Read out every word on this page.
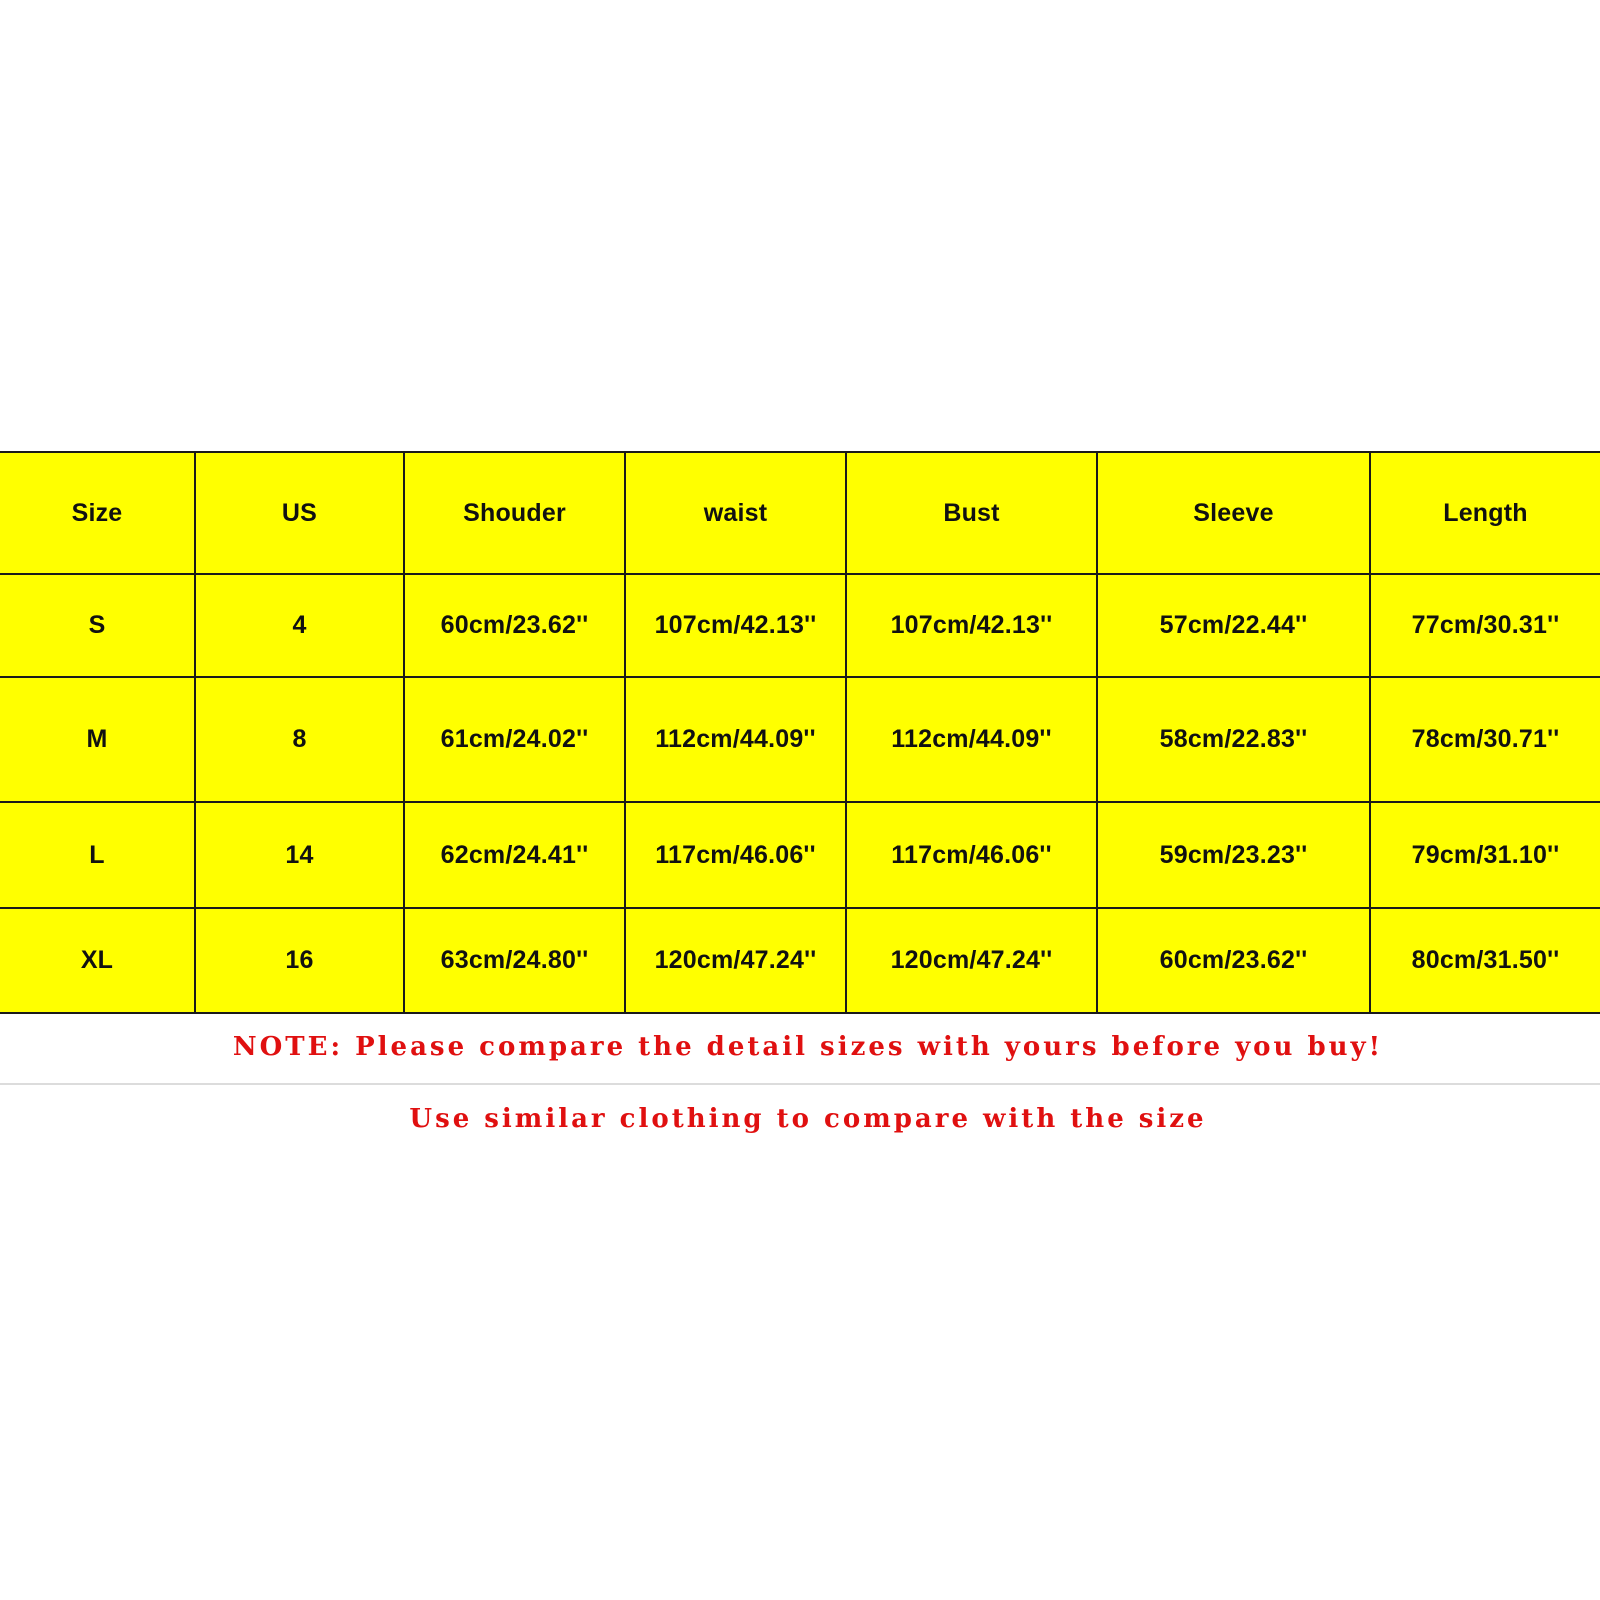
Size	US	Shouder	waist	Bust	Sleeve	Length
S	4	60cm/23.62''	107cm/42.13''	107cm/42.13''	57cm/22.44''	77cm/30.31''
M	8	61cm/24.02''	112cm/44.09''	112cm/44.09''	58cm/22.83''	78cm/30.71''
L	14	62cm/24.41''	117cm/46.06''	117cm/46.06''	59cm/23.23''	79cm/31.10''
XL	16	63cm/24.80''	120cm/47.24''	120cm/47.24''	60cm/23.62''	80cm/31.50''
NOTE: Please compare the detail sizes with yours before you buy!
Use similar clothing to compare with the size
